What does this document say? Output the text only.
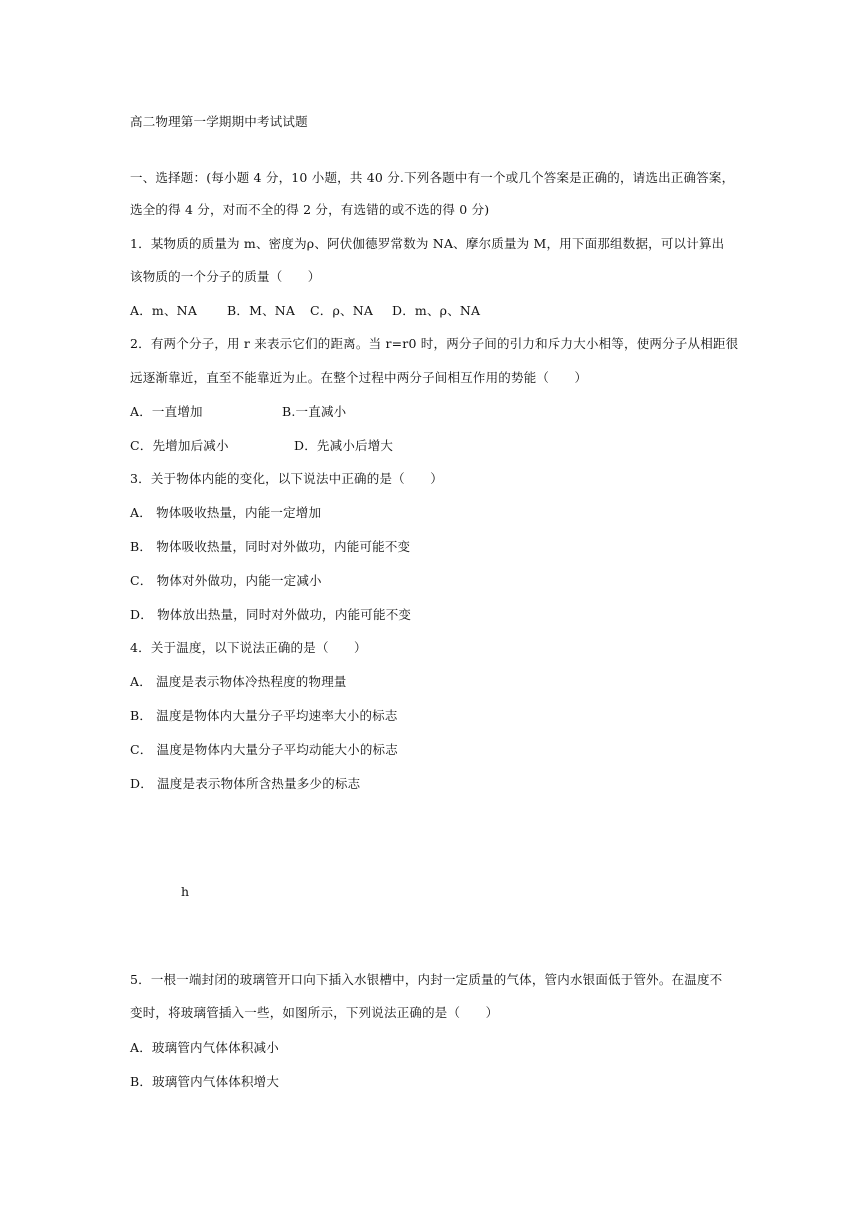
高二物理第一学期期中考试试题
一、选择题：(每小题 4 分，10 小题，共 40 分.下列各题中有一个或几个答案是正确的，请选出正确答案，
选全的得 4 分，对而不全的得 2 分，有选错的或不选的得 0 分)
1．某物质的质量为 m、密度为ρ、阿伏伽德罗常数为 NA、摩尔质量为 M，用下面那组数据，可以计算出
该物质的一个分子的质量（　　）
A．m、NA B．M、NA C．ρ、NA D．m、ρ、NA
2．有两个分子，用 r 来表示它们的距离。当 r=r0 时，两分子间的引力和斥力大小相等，使两分子从相距很
远逐渐靠近，直至不能靠近为止。在整个过程中两分子间相互作用的势能（　　）
A．一直增加	B.一直减小
C．先增加后减小	D．先减小后增大
3．关于物体内能的变化，以下说法中正确的是（　　）
A． 物体吸收热量，内能一定增加
B． 物体吸收热量，同时对外做功，内能可能不变
C． 物体对外做功，内能一定减小
D． 物体放出热量，同时对外做功，内能可能不变
4．关于温度，以下说法正确的是（　　）
A． 温度是表示物体冷热程度的物理量
B． 温度是物体内大量分子平均速率大小的标志
C． 温度是物体内大量分子平均动能大小的标志
D． 温度是表示物体所含热量多少的标志
h
5．一根一端封闭的玻璃管开口向下插入水银槽中，内封一定质量的气体，管内水银面低于管外。在温度不
变时，将玻璃管插入一些，如图所示，下列说法正确的是（　　）
A．玻璃管内气体体积减小
B．玻璃管内气体体积增大
